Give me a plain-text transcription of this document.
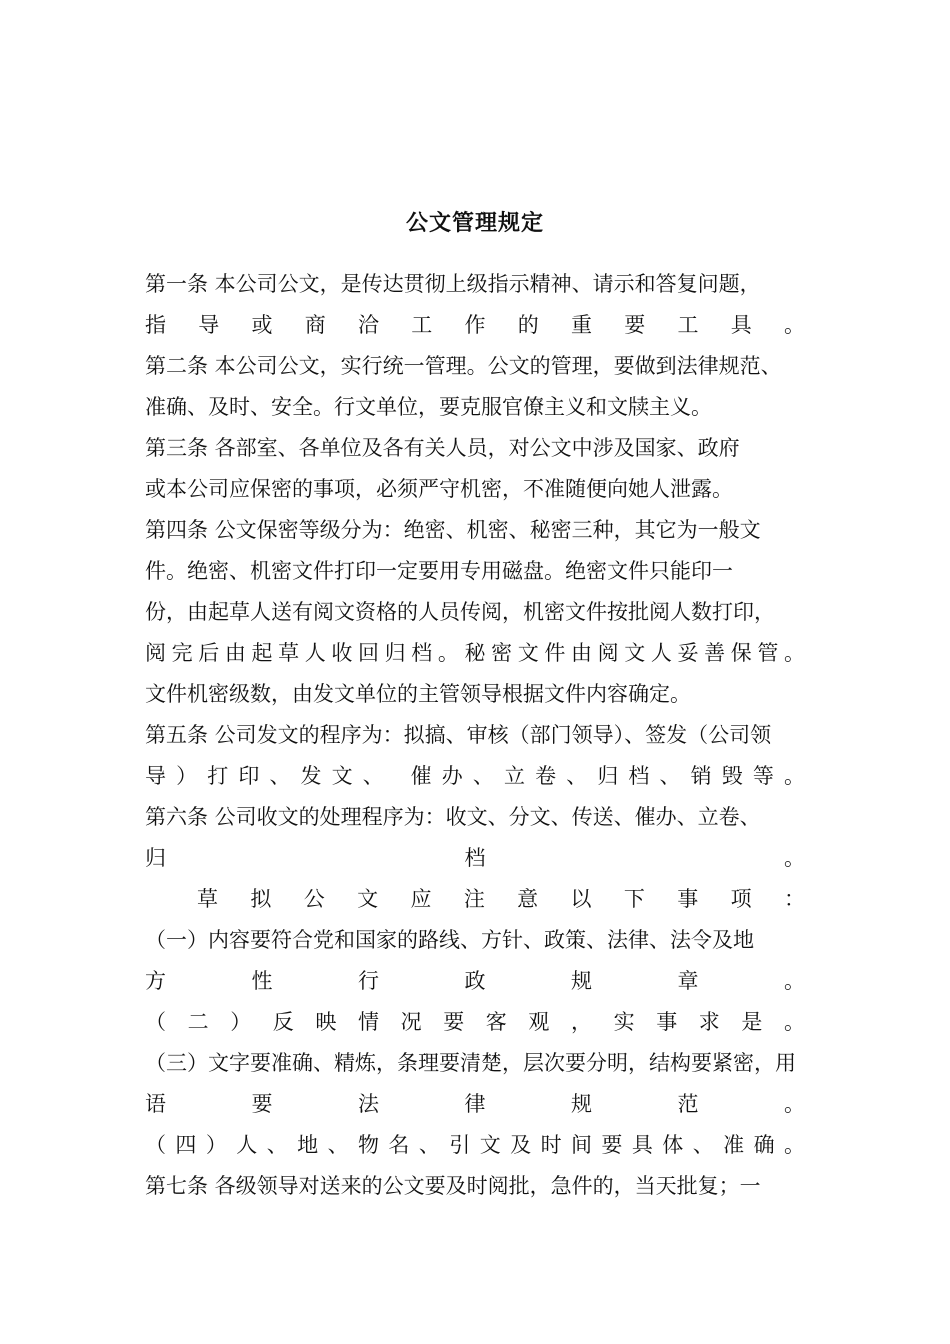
公文管理规定
第一条 本公司公文，是传达贯彻上级指示精神、请示和答复问题，
指导或商洽工作的重要工具。
第二条 本公司公文，实行统一管理。公文的管理，要做到法律规范、
准确、及时、安全。行文单位，要克服官僚主义和文牍主义。
第三条 各部室、各单位及各有关人员，对公文中涉及国家、政府
或本公司应保密的事项，必须严守机密，不准随便向她人泄露。
第四条 公文保密等级分为：绝密、机密、秘密三种，其它为一般文
件。绝密、机密文件打印一定要用专用磁盘。绝密文件只能印一
份，由起草人送有阅文资格的人员传阅，机密文件按批阅人数打印，
阅完后由起草人收回归档。秘密文件由阅文人妥善保管。
文件机密级数，由发文单位的主管领导根据文件内容确定。
第五条 公司发文的程序为：拟搞、审核（部门领导）、签发（公司领
导）打印、发文、 催办、立卷、归档、销毁等。
第六条 公司收文的处理程序为：收文、分文、传送、催办、立卷、
归档。
草拟公文应注意以下事项：
（一）内容要符合党和国家的路线、方针、政策、法律、法令及地
方性行政规章。
（二）反映情况要客观，实事求是。
（三）文字要准确、精炼，条理要清楚，层次要分明，结构要紧密，用
语要法律规范。
（四）人、地、物名、引文及时间要具体、准确。
第七条 各级领导对送来的公文要及时阅批，急件的，当天批复；一
